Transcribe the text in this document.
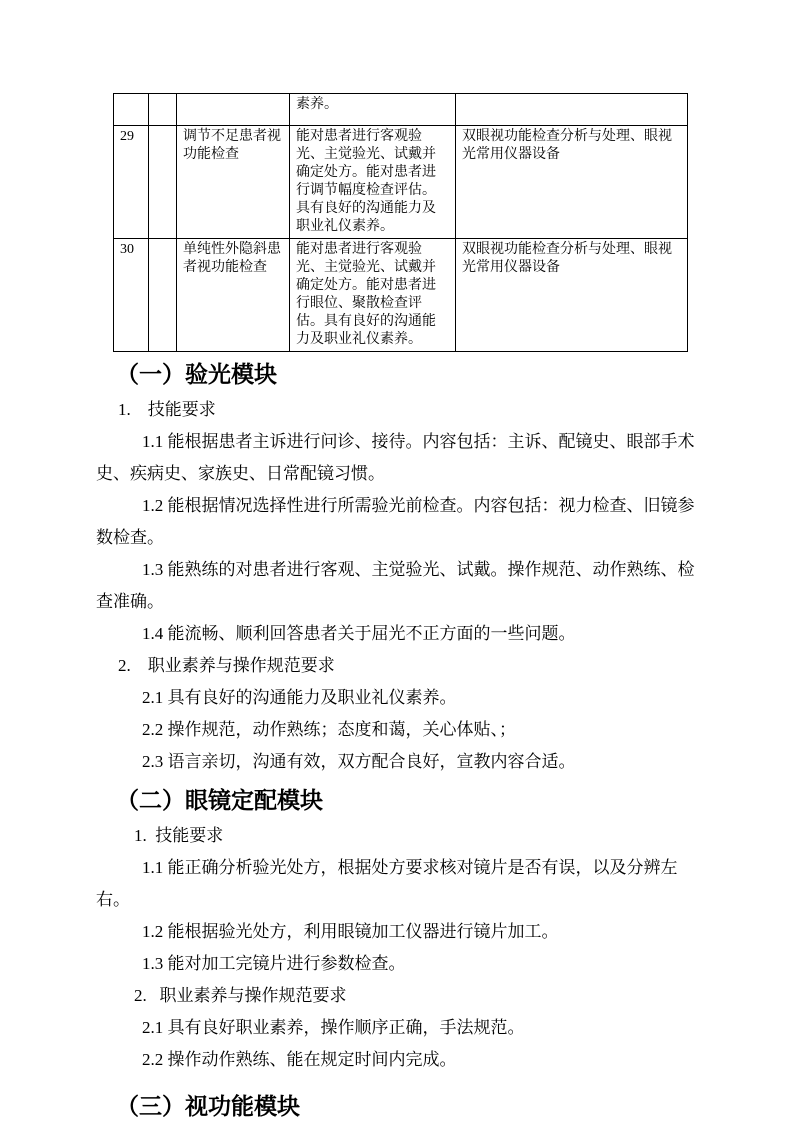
			素养。	
29		调节不足患者视功能检查	能对患者进行客观验光、主觉验光、试戴并确定处方。能对患者进行调节幅度检查评估。具有良好的沟通能力及职业礼仪素养。	双眼视功能检查分析与处理、眼视光常用仪器设备
30		单纯性外隐斜患者视功能检查	能对患者进行客观验光、主觉验光、试戴并确定处方。能对患者进行眼位、聚散检查评估。具有良好的沟通能力及职业礼仪素养。	双眼视功能检查分析与处理、眼视光常用仪器设备
（一）验光模块

1.    技能要求

1.1 能根据患者主诉进行问诊、接待。内容包括：主诉、配镜史、眼部手术史、疾病史、家族史、日常配镜习惯。

1.2 能根据情况选择性进行所需验光前检查。内容包括：视力检查、旧镜参数检查。

1.3 能熟练的对患者进行客观、主觉验光、试戴。操作规范、动作熟练、检查准确。

1.4 能流畅、顺利回答患者关于屈光不正方面的一些问题。

2.    职业素养与操作规范要求

2.1 具有良好的沟通能力及职业礼仪素养。

2.2 操作规范，动作熟练；态度和蔼，关心体贴、；

2.3 语言亲切，沟通有效，双方配合良好，宣教内容合适。

（二）眼镜定配模块

1.  技能要求

1.1 能正确分析验光处方，根据处方要求核对镜片是否有误，以及分辨左右。

1.2 能根据验光处方，利用眼镜加工仪器进行镜片加工。

1.3 能对加工完镜片进行参数检查。

2.   职业素养与操作规范要求

2.1 具有良好职业素养，操作顺序正确，手法规范。

2.2 操作动作熟练、能在规定时间内完成。

（三）视功能模块
